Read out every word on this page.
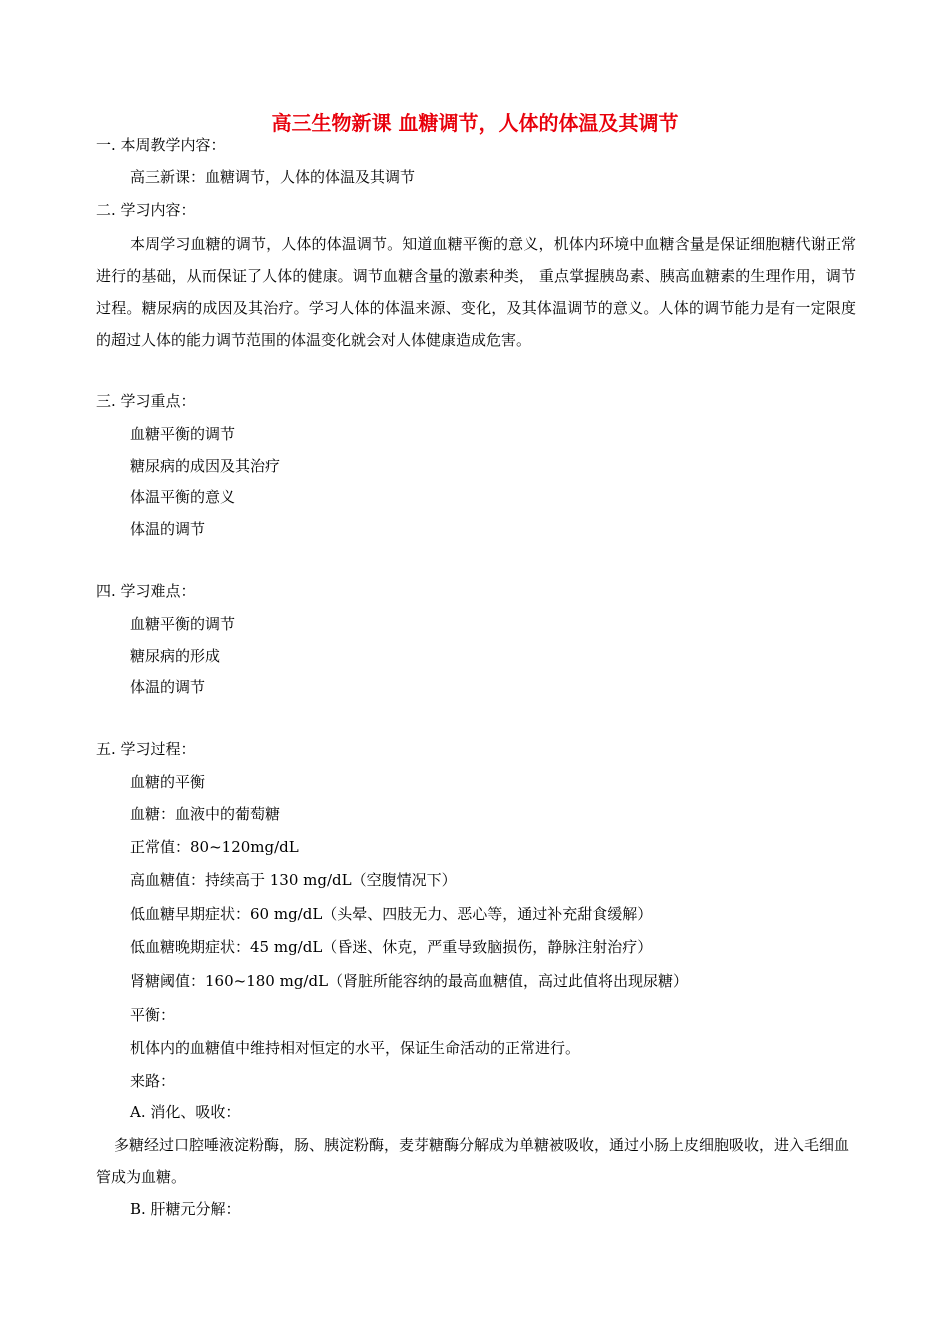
高三生物新课 血糖调节，人体的体温及其调节
一. 本周教学内容：
高三新课：血糖调节，人体的体温及其调节
二. 学习内容：
本周学习血糖的调节，人体的体温调节。知道血糖平衡的意义，机体内环境中血糖含量是保证细胞糖代谢正常进行的基础，从而保证了人体的健康。调节血糖含量的激素种类， 重点掌握胰岛素、胰高血糖素的生理作用，调节过程。糖尿病的成因及其治疗。学习人体的体温来源、变化，及其体温调节的意义。人体的调节能力是有一定限度的超过人体的能力调节范围的体温变化就会对人体健康造成危害。
三. 学习重点：
血糖平衡的调节
糖尿病的成因及其治疗
体温平衡的意义
体温的调节
四. 学习难点：
血糖平衡的调节
糖尿病的形成
体温的调节
五. 学习过程：
血糖的平衡
血糖：血液中的葡萄糖
正常值：80~120mg/dL
高血糖值：持续高于 130 mg/dL（空腹情况下）
低血糖早期症状：60 mg/dL（头晕、四肢无力、恶心等，通过补充甜食缓解）
低血糖晚期症状：45 mg/dL（昏迷、休克，严重导致脑损伤，静脉注射治疗）
肾糖阈值：160~180 mg/dL（肾脏所能容纳的最高血糖值，高过此值将出现尿糖）
平衡：
机体内的血糖值中维持相对恒定的水平，保证生命活动的正常进行。
来路：
A. 消化、吸收：
多糖经过口腔唾液淀粉酶，肠、胰淀粉酶，麦芽糖酶分解成为单糖被吸收，通过小肠上皮细胞吸收，进入毛细血管成为血糖。
B. 肝糖元分解：
